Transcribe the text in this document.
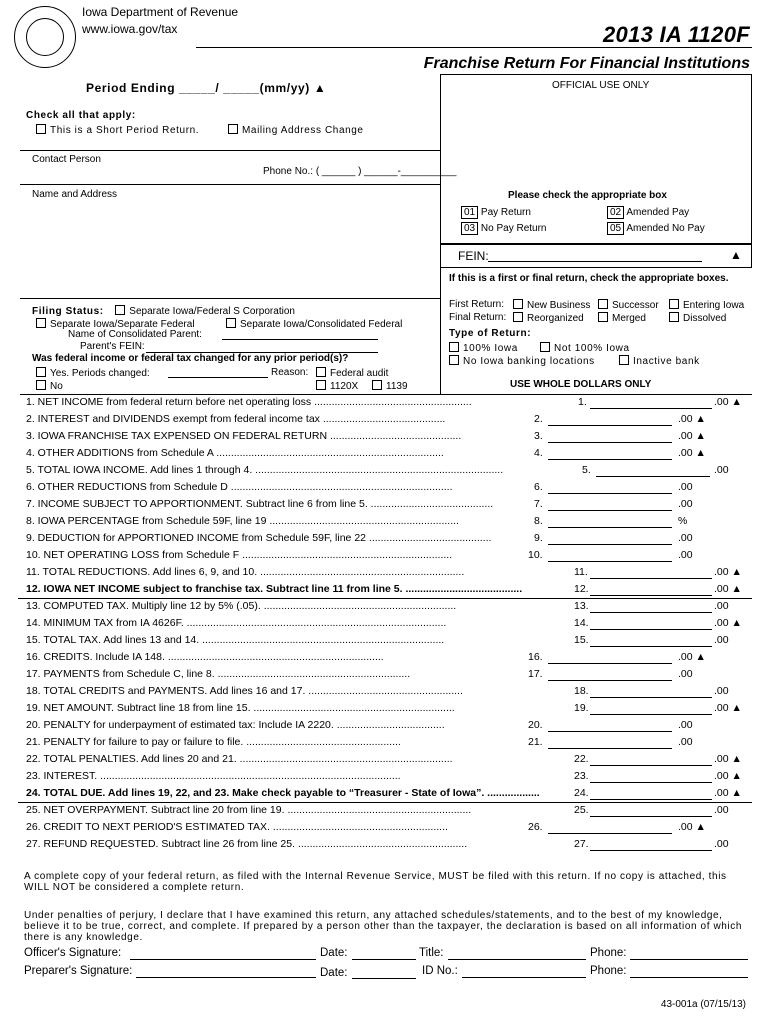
Iowa Department of Revenue
www.iowa.gov/tax	2013 IA 1120F
Franchise Return For Financial Institutions
Period Ending _____/ _____(mm/yy) ▲	OFFICIAL USE ONLY
Check all that apply:
This is a Short Period Return.	Mailing Address Change
Contact Person
Phone No.: ( ______ ) ______-__________
Name and Address	Please check the appropriate box
01 Pay Return	02 Amended Pay
03 No Pay Return	05 Amended No Pay
FEIN:	▲
If this is a first or final return, check the appropriate boxes.
First Return:	New Business	Successor	Entering Iowa
Final Return:	Reorganized	Merged	Dissolved
Type of Return:
100% Iowa	Not 100% Iowa
No Iowa banking locations	Inactive bank
USE WHOLE DOLLARS ONLY
Filing Status:	Separate Iowa/Federal S Corporation
Separate Iowa/Separate Federal	Separate Iowa/Consolidated Federal
Name of Consolidated Parent:
Parent's FEIN:
Was federal income or federal tax changed for any prior period(s)?
Yes. Periods changed:	Reason:	Federal audit
No	1120X	1139
1. NET INCOME from federal return before net operating loss ......................................................	1.	.00 ▲
2. INTEREST and DIVIDENDS exempt from federal income tax ..........................................	2.	.00 ▲
3. IOWA FRANCHISE TAX EXPENSED ON FEDERAL RETURN .............................................	3.	.00 ▲
4. OTHER ADDITIONS from Schedule A ..............................................................................	4.	.00 ▲
5. TOTAL IOWA INCOME. Add lines 1 through 4. .....................................................................................	5.	.00
6. OTHER REDUCTIONS from Schedule D ............................................................................	6.	.00
7. INCOME SUBJECT TO APPORTIONMENT. Subtract line 6 from line 5. ..........................................	7.	.00
8. IOWA PERCENTAGE from Schedule 59F, line 19 .................................................................	8.	%
9. DEDUCTION for APPORTIONED INCOME from Schedule 59F, line 22 ..........................................	9.	.00
10. NET OPERATING LOSS from Schedule F ........................................................................	10.	.00
11. TOTAL REDUCTIONS. Add lines 6, 9, and 10. ......................................................................	11.	.00 ▲
12. IOWA NET INCOME subject to franchise tax. Subtract line 11 from line 5. ........................................	12.	.00 ▲
13. COMPUTED TAX. Multiply line 12 by 5% (.05). ..................................................................	13.	.00
14. MINIMUM TAX from IA 4626F. .........................................................................................	14.	.00 ▲
15. TOTAL TAX. Add lines 13 and 14. ...................................................................................	15.	.00
16. CREDITS. Include IA 148. ..........................................................................	16.	.00 ▲
17. PAYMENTS from Schedule C, line 8. ..................................................................	17.	.00
18. TOTAL CREDITS and PAYMENTS. Add lines 16 and 17. .....................................................	18.	.00
19. NET AMOUNT. Subtract line 18 from line 15. .....................................................................	19.	.00 ▲
20. PENALTY for underpayment of estimated tax: Include IA 2220. .....................................	20.	.00
21. PENALTY for failure to pay or failure to file. .....................................................	21.	.00
22. TOTAL PENALTIES. Add lines 20 and 21. .........................................................................	22.	.00 ▲
23. INTEREST. .......................................................................................................	23.	.00 ▲
24. TOTAL DUE. Add lines 19, 22, and 23. Make check payable to “Treasurer - State of Iowa”. ..................	24.	.00 ▲
25. NET OVERPAYMENT. Subtract line 20 from line 19. ...............................................................	25.	.00
26. CREDIT TO NEXT PERIOD'S ESTIMATED TAX. ............................................................	26.	.00 ▲
27. REFUND REQUESTED. Subtract line 26 from line 25. ..........................................................	27.	.00
A complete copy of your federal return, as filed with the Internal Revenue Service, MUST be filed with this return. If no copy is attached, this WILL NOT be considered a complete return.
Under penalties of perjury, I declare that I have examined this return, any attached schedules/statements, and to the best of my knowledge, believe it to be true, correct, and complete. If prepared by a person other than the taxpayer, the declaration is based on all information of which there is any knowledge.
Officer's Signature:	Date:	Title:	Phone:
Preparer's Signature:	Date:	ID No.:	Phone:
43-001a (07/15/13)
